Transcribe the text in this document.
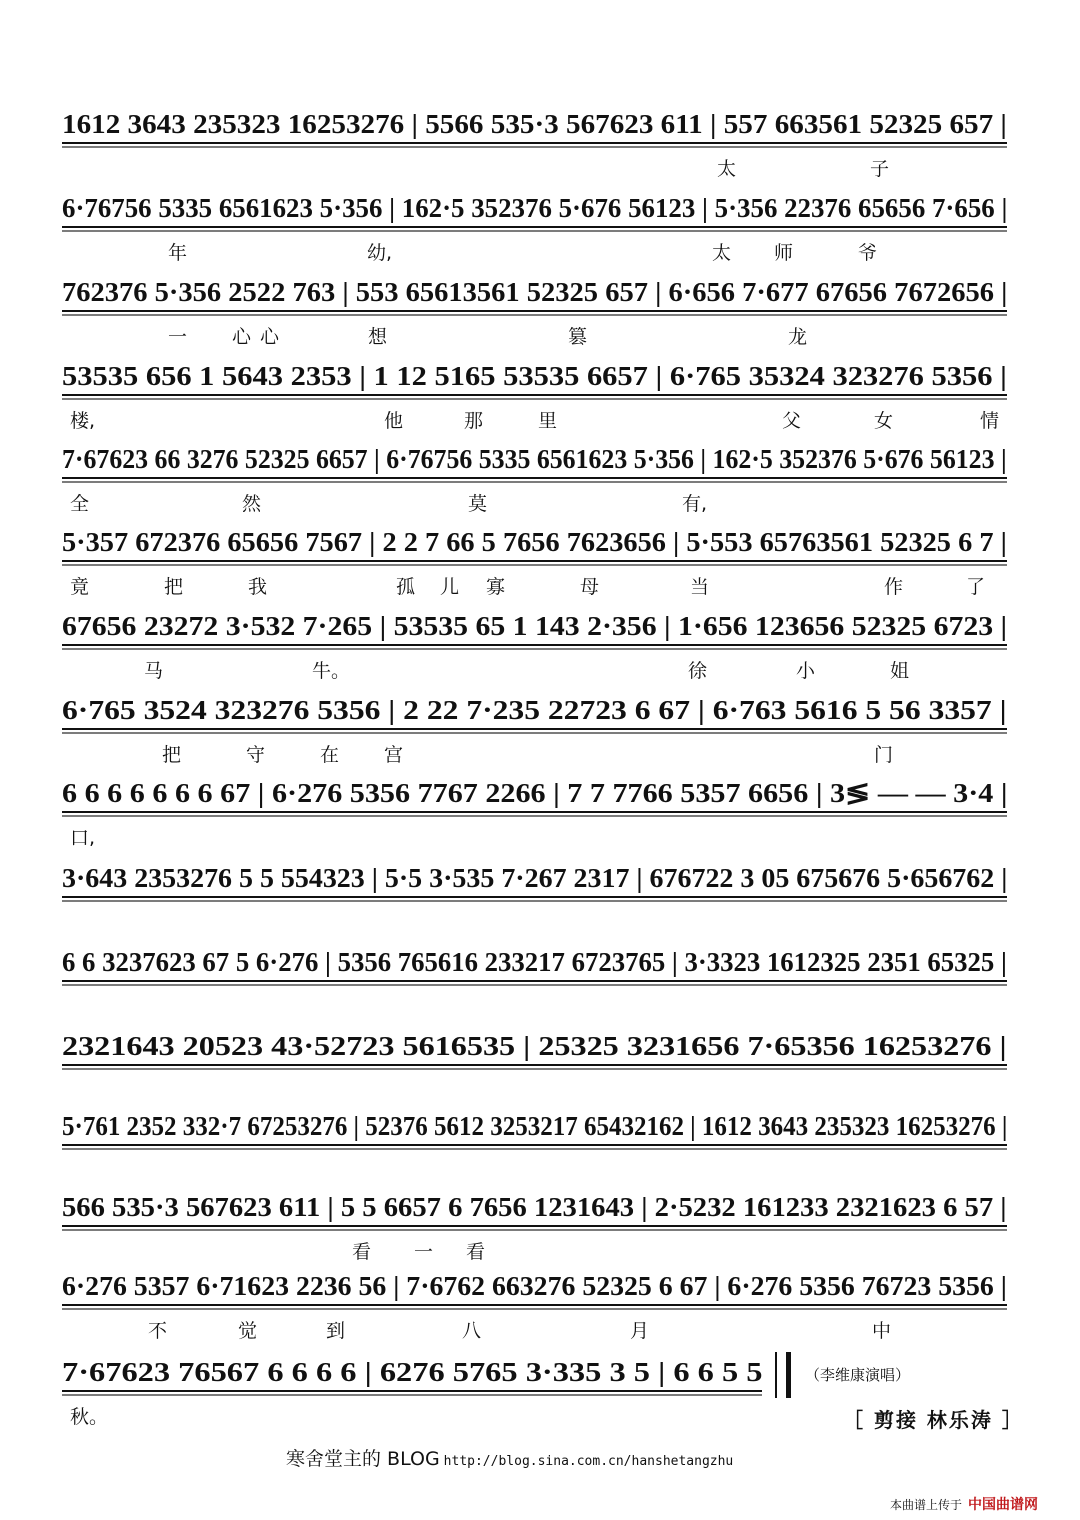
1612 3643 235323 16253276 | 5566 535·3 567623 611 | 557 663561 52325 657 |
太	子
6·76756 5335 6561623 5·356 | 162·5 352376 5·676 56123 | 5·356 22376 65656 7·656 |
年	幼,	太 师	爷
762376 5·356 2522 763 | 553 65613561 52325 657 | 6·656 7·677 67656 7672656 |
一 心 心	想	篡	龙
53535 656 1 5643 2353 | 1 12 5165 53535 6657 | 6·765 35324 323276 5356 |
楼,	他	那	里	父	女	情
7·67623 66 3276 52325 6657 | 6·76756 5335 6561623 5·356 | 162·5 352376 5·676 56123 |
全	然	莫	有,
5·357 672376 65656 7567 | 2 2 7 66 5 7656 7623656 | 5·553 65763561 52325 6 7 |
竟	把	我	孤 儿 寡	母	当	作	了
67656 23272 3·532 7·265 | 53535 65 1 143 2·356 | 1·656 123656 52325 6723 |
马	牛。	徐	小	姐
6·765 3524 323276 5356 | 2 22 7·235 22723 6 67 | 6·763 5616 5 56 3357 |
把	守	在 宫	门
6 6 6 6 6 6 6 67 | 6·276 5356 7767 2266 | 7 7 7766 5357 6656 | 3≶ — — 3·4 |
口,
3·643 2353276 5 5 554323 | 5·5 3·535 7·267 2317 | 676722 3 05 675676 5·656762 |
6 6 3237623 67 5 6·276 | 5356 765616 233217 6723765 | 3·3323 1612325 2351 65325 |
2321643 20523 43·52723 5616535 | 25325 3231656 7·65356 16253276 |
5·761 2352 332·7 67253276 | 52376 5612 3253217 65432162 | 1612 3643 235323 16253276 |
566 535·3 567623 611 | 5 5 6657 6 7656 1231643 | 2·5232 161233 2321623 6 57 |
看 一 看
6·276 5357 6·71623 2236 56 | 7·6762 663276 52325 6 67 | 6·276 5356 76723 5356 |
不	觉	到	八	月	中
7·67623 76567 6 6 6 6 | 6276 5765 3·335 3 5 | 6 6 5 5
秋。
（李维康演唱）
［ 剪接 林乐涛 ］
寒舍堂主的 BLOG http://blog.sina.com.cn/hanshetangzhu
本曲谱上传于 中国曲谱网
